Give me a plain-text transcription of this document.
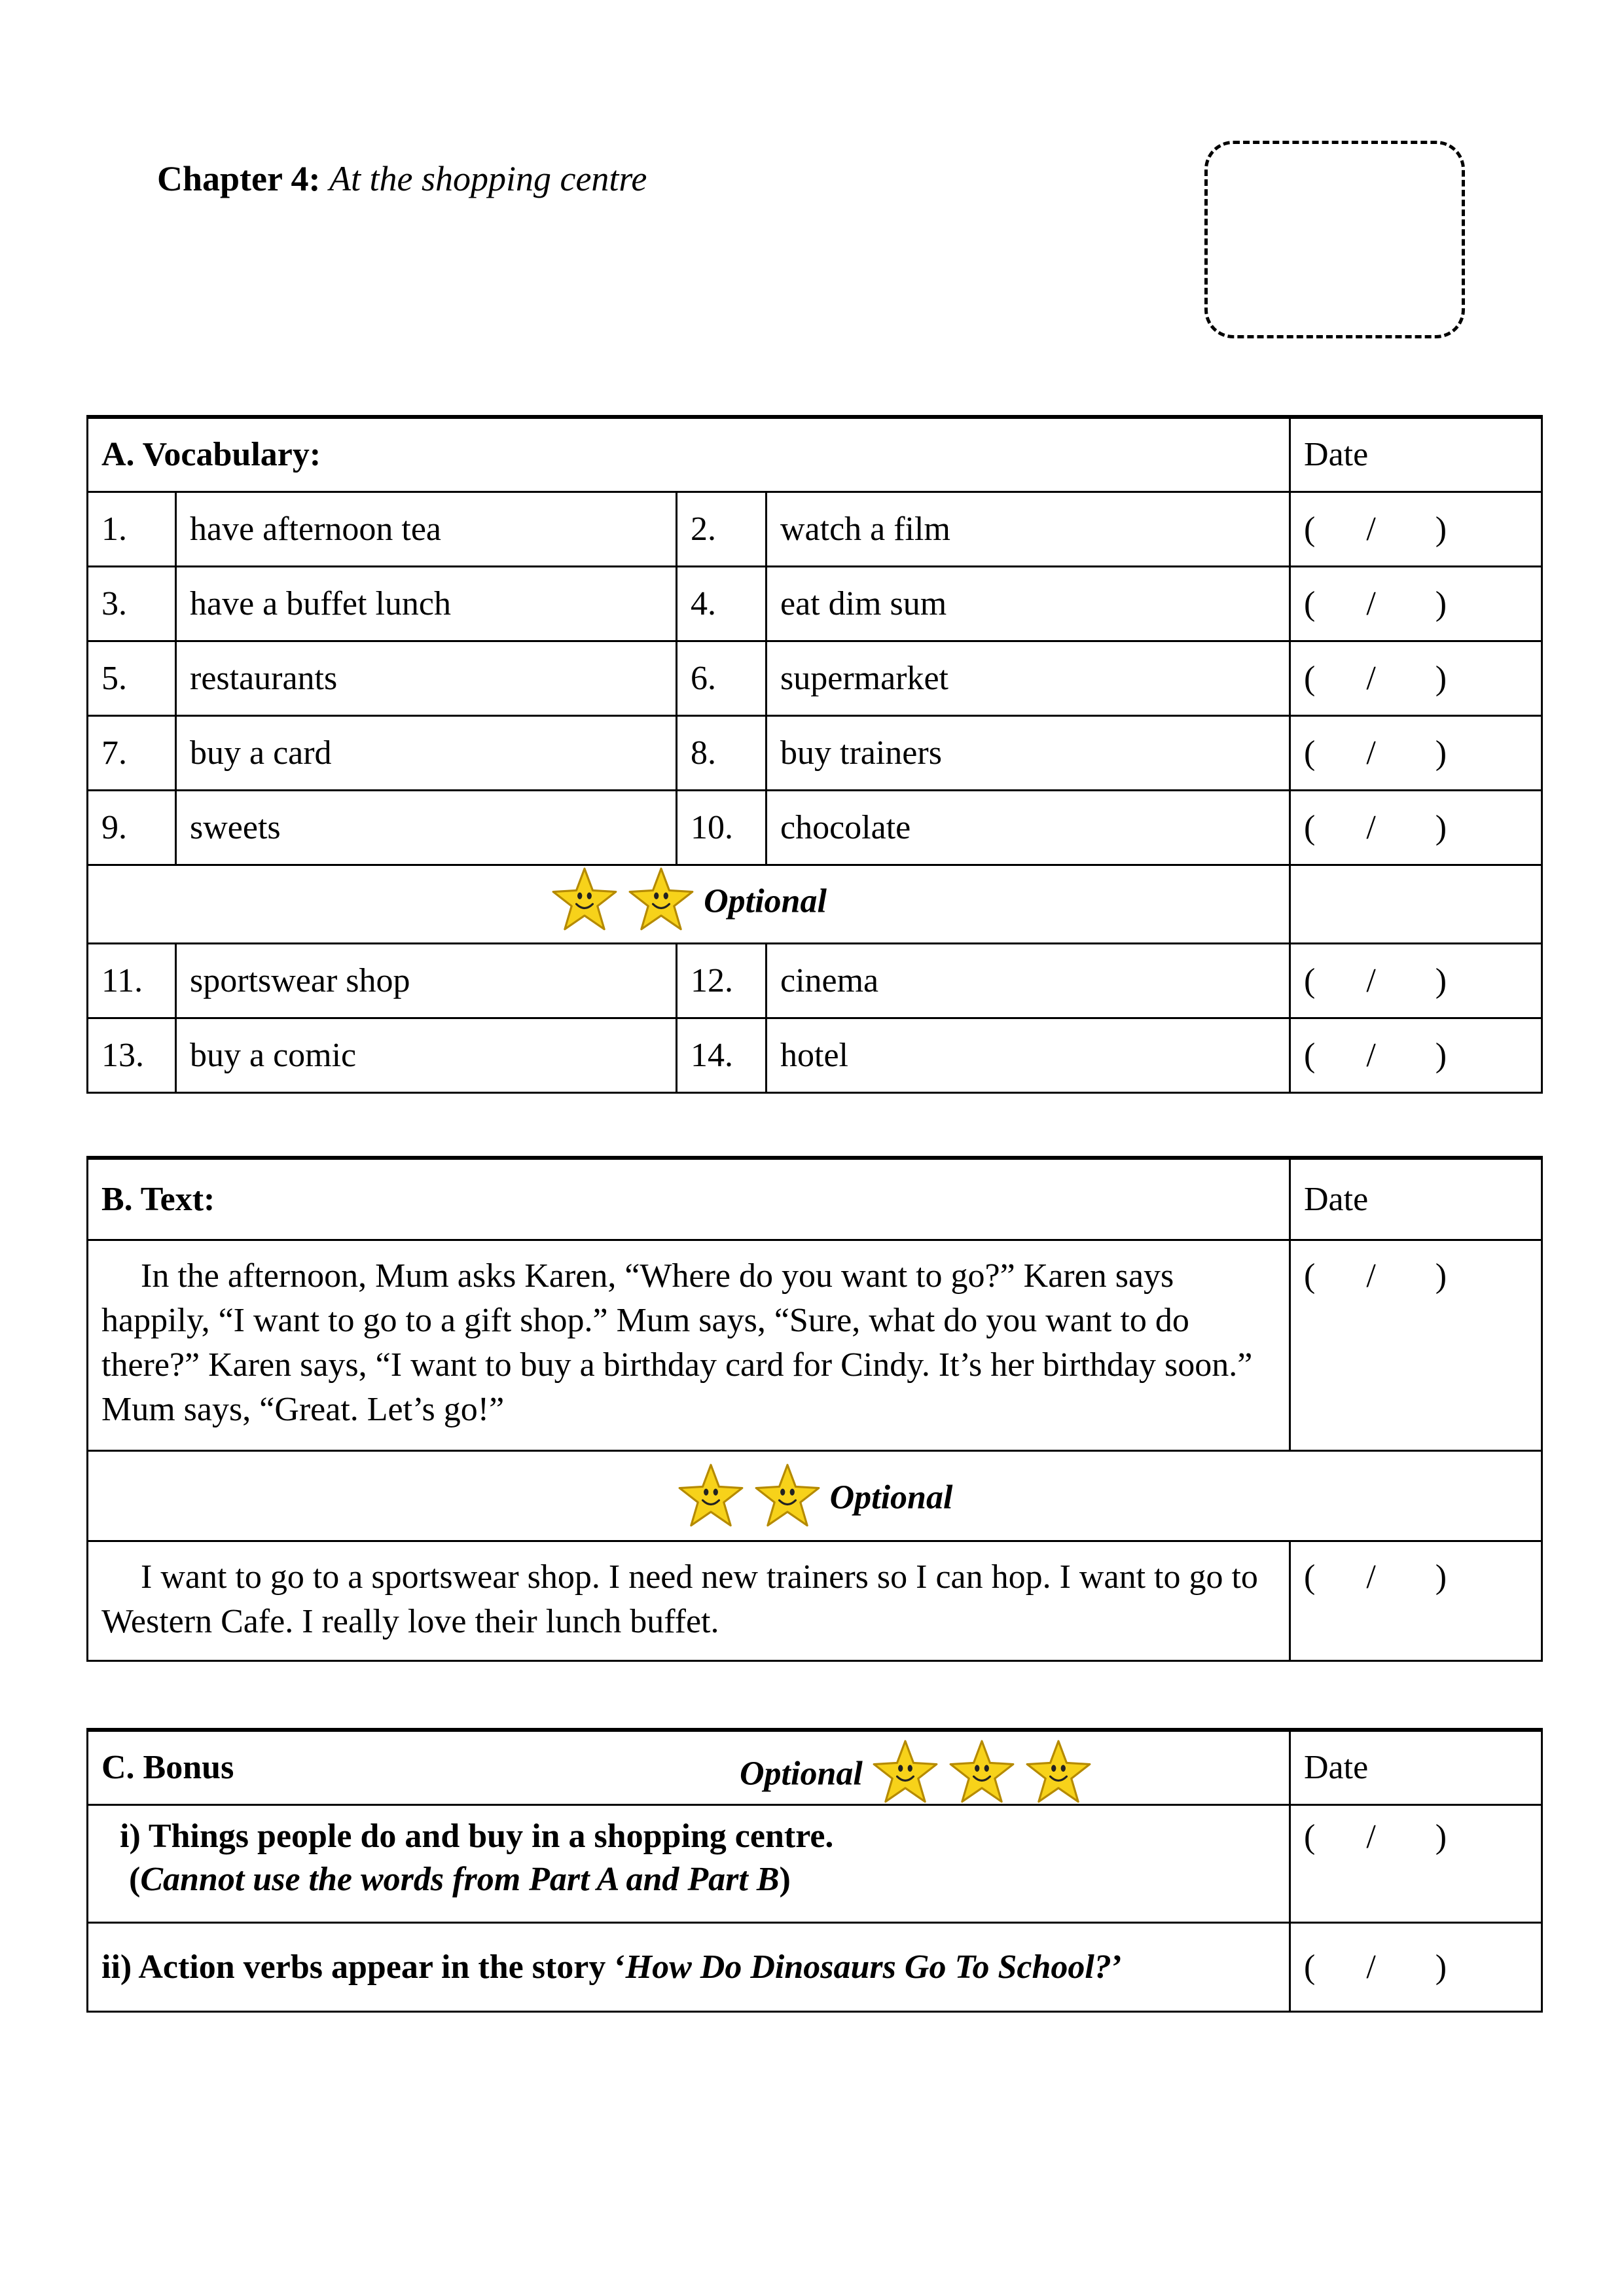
Chapter 4: At the shopping centre
A. Vocabulary:				Date
1.	have afternoon tea	2.	watch a film	(      /       )
3.	have a buffet lunch	4.	eat dim sum	(      /       )
5.	restaurants	6.	supermarket	(      /       )
7.	buy a card	8.	buy trainers	(      /       )
9.	sweets	10.	chocolate	(      /       )
Optional				
11.	sportswear shop	12.	cinema	(      /       )
13.	buy a comic	14.	hotel	(      /       )
B. Text:	Date
In the afternoon, Mum asks Karen, “Where do you want to go?” Karen says happily, “I want to go to a gift shop.” Mum says, “Sure, what do you want to do there?” Karen says, “I want to buy a birthday card for Cindy. It’s her birthday soon.” Mum says, “Great. Let’s go!”	(      /       )
Optional	
I want to go to a sportswear shop. I need new trainers so I can hop. I want to go to Western Cafe. I really love their lunch buffet.	(      /       )
C. Bonus Optional	Date

i) Things people do and buy in a shopping centre.
(Cannot use the words from Part A and Part B)	(      /       )
ii) Action verbs appear in the story ‘How Do Dinosaurs Go To School?’	(      /       )
